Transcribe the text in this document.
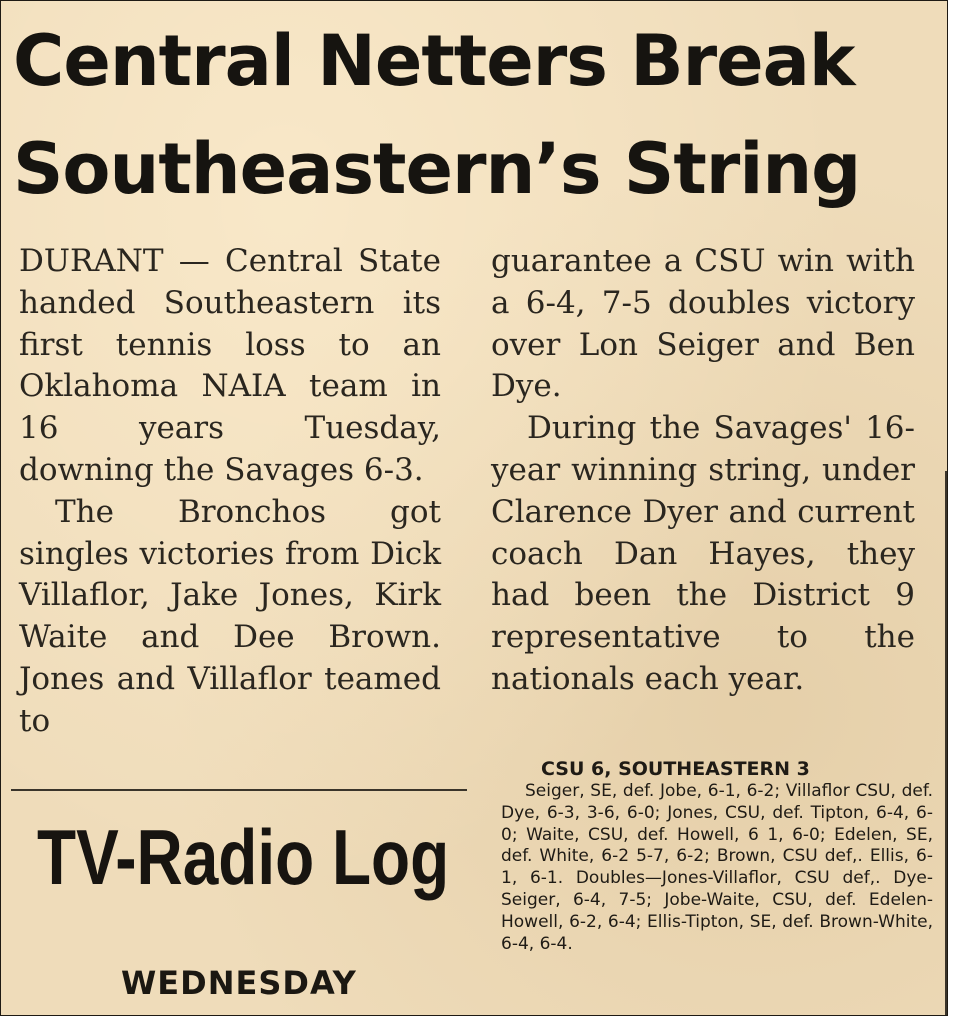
Central Netters Break
Southeastern’s String

DURANT — Central State handed Southeastern its first tennis loss to an Oklahoma NAIA team in 16 years Tuesday, downing the Savages 6-3.

The Bronchos got singles victories from Dick Villaflor, Jake Jones, Kirk Waite and Dee Brown. Jones and Villaflor teamed to

guarantee a CSU win with a 6-4, 7-5 doubles victory over Lon Seiger and Ben Dye.

During the Savages' 16-year winning string, under Clarence Dyer and current coach Dan Hayes, they had been the District 9 representative to the nationals each year.

TV-Radio Log
WEDNESDAY
CSU 6, SOUTHEASTERN 3

Seiger, SE, def. Jobe, 6-1, 6-2; Villaflor CSU, def. Dye, 6-3, 3-6, 6-0; Jones, CSU, def. Tipton, 6-4, 6-0; Waite, CSU, def. Howell, 6 1, 6-0; Edelen, SE, def. White, 6-2 5-7, 6-2; Brown, CSU def,. Ellis, 6-1, 6-1. Doubles—Jones-Villaflor, CSU def,. Dye-Seiger, 6-4, 7-5; Jobe-Waite, CSU, def. Edelen-Howell, 6-2, 6-4; Ellis-Tipton, SE, def. Brown-White, 6-4, 6-4.
